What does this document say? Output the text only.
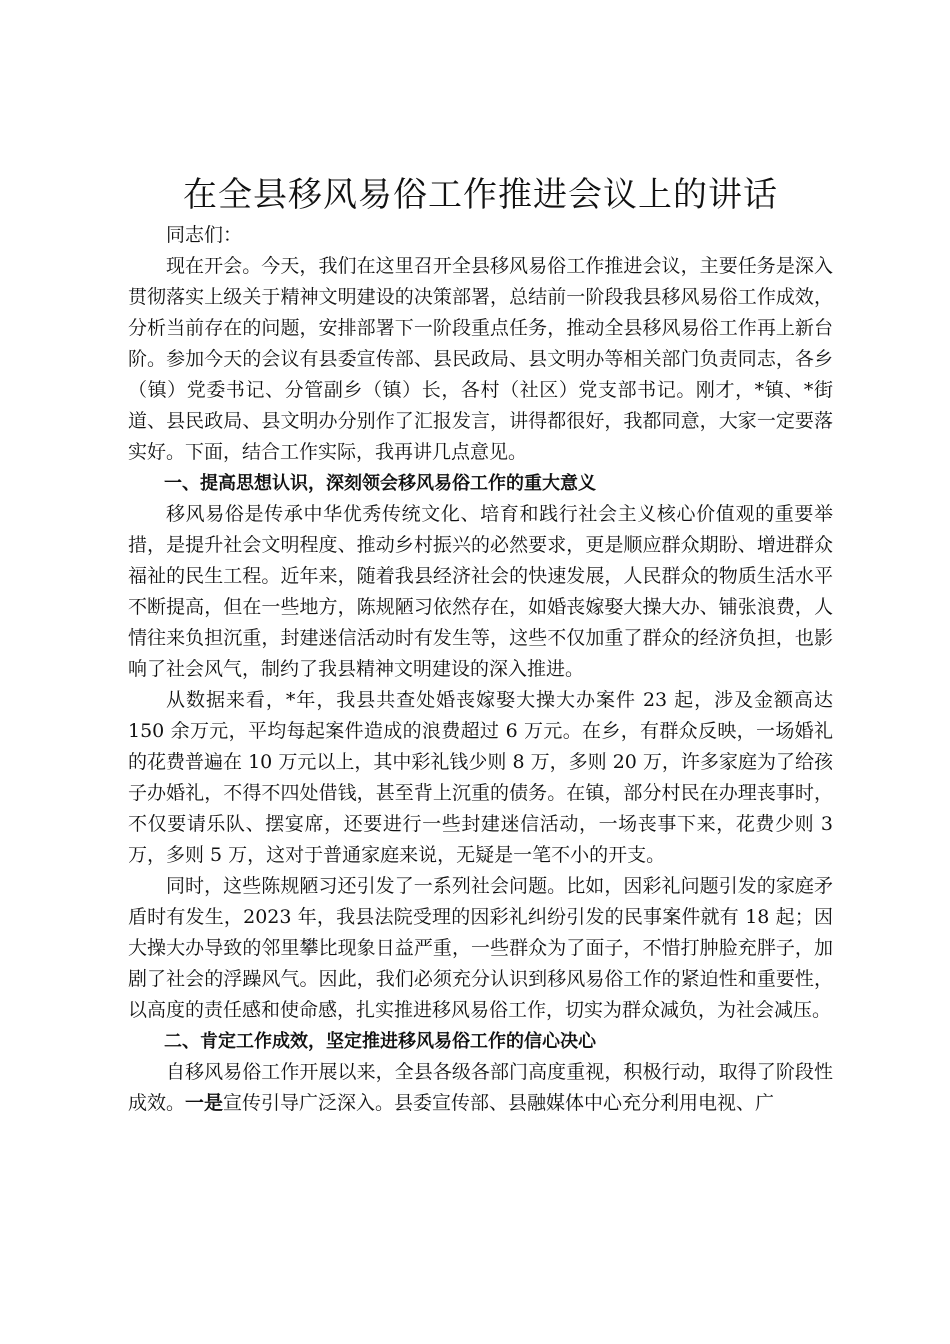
在全县移风易俗工作推进会议上的讲话

同志们：

现在开会。今天，我们在这里召开全县移风易俗工作推进会议，主要任务是深入贯彻落实上级关于精神文明建设的决策部署，总结前一阶段我县移风易俗工作成效，分析当前存在的问题，安排部署下一阶段重点任务，推动全县移风易俗工作再上新台阶。参加今天的会议有县委宣传部、县民政局、县文明办等相关部门负责同志，各乡（镇）党委书记、分管副乡（镇）长，各村（社区）党支部书记。刚才，*镇、*街道、县民政局、县文明办分别作了汇报发言，讲得都很好，我都同意，大家一定要落实好。下面，结合工作实际，我再讲几点意见。

一、提高思想认识，深刻领会移风易俗工作的重大意义

移风易俗是传承中华优秀传统文化、培育和践行社会主义核心价值观的重要举措，是提升社会文明程度、推动乡村振兴的必然要求，更是顺应群众期盼、增进群众福祉的民生工程。近年来，随着我县经济社会的快速发展，人民群众的物质生活水平不断提高，但在一些地方，陈规陋习依然存在，如婚丧嫁娶大操大办、铺张浪费，人情往来负担沉重，封建迷信活动时有发生等，这些不仅加重了群众的经济负担，也影响了社会风气，制约了我县精神文明建设的深入推进。

从数据来看，*年，我县共查处婚丧嫁娶大操大办案件 23 起，涉及金额高达 150 余万元，平均每起案件造成的浪费超过 6 万元。在乡，有群众反映，一场婚礼的花费普遍在 10 万元以上，其中彩礼钱少则 8 万，多则 20 万，许多家庭为了给孩子办婚礼，不得不四处借钱，甚至背上沉重的债务。在镇，部分村民在办理丧事时，不仅要请乐队、摆宴席，还要进行一些封建迷信活动，一场丧事下来，花费少则 3 万，多则 5 万，这对于普通家庭来说，无疑是一笔不小的开支。

同时，这些陈规陋习还引发了一系列社会问题。比如，因彩礼问题引发的家庭矛盾时有发生，2023 年，我县法院受理的因彩礼纠纷引发的民事案件就有 18 起；因大操大办导致的邻里攀比现象日益严重，一些群众为了面子，不惜打肿脸充胖子，加剧了社会的浮躁风气。因此，我们必须充分认识到移风易俗工作的紧迫性和重要性，以高度的责任感和使命感，扎实推进移风易俗工作，切实为群众减负，为社会减压。

二、肯定工作成效，坚定推进移风易俗工作的信心决心

自移风易俗工作开展以来，全县各级各部门高度重视，积极行动，取得了阶段性成效。一是宣传引导广泛深入。县委宣传部、县融媒体中心充分利用电视、广
